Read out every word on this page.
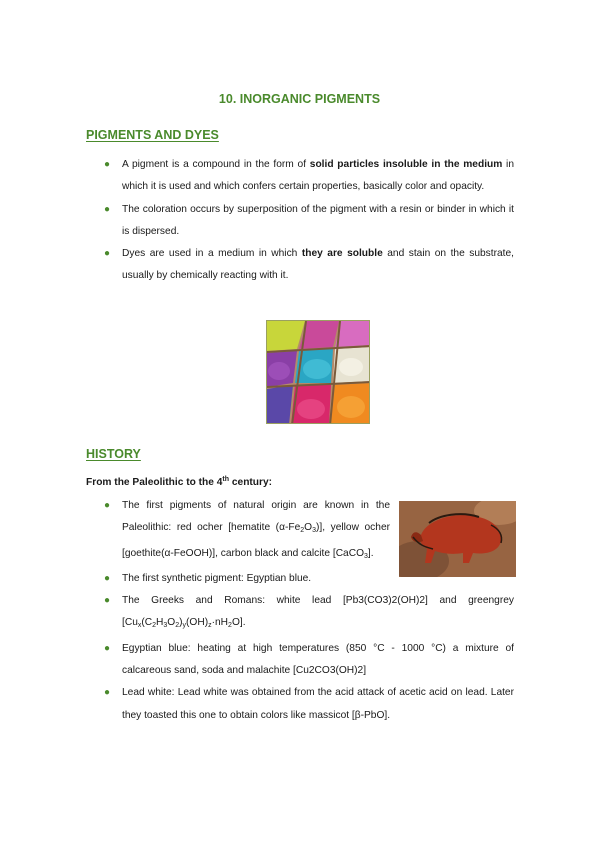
10. INORGANIC PIGMENTS
PIGMENTS AND DYES
● A pigment is a compound in the form of solid particles insoluble in the medium in which it is used and which confers certain properties, basically color and opacity.
● The coloration occurs by superposition of the pigment with a resin or binder in which it is dispersed.
● Dyes are used in a medium in which they are soluble and stain on the substrate, usually by chemically reacting with it.
HISTORY
From the Paleolithic to the 4th century:
● The first pigments of natural origin are known in the Paleolithic: red ocher [hematite $(\alpha-Fe_2O_3)$], yellow ocher [goethite(α-FeOOH)], carbon black and calcite [CaCO$_3$].
● The first synthetic pigment: Egyptian blue.
● The Greeks and Romans: white lead [Pb3(CO3)2(OH)2] and greengrey $[Cu_x(C_2H_3O_2)_y(OH)_z\cdot nH_2O]$.
● Egyptian blue: heating at high temperatures (850 °C - 1000 °C) a mixture of calcareous sand, soda and malachite [Cu2CO3(OH)2]
● Lead white: Lead white was obtained from the acid attack of acetic acid on lead. Later they toasted this one to obtain colors like massicot [β-PbO].
